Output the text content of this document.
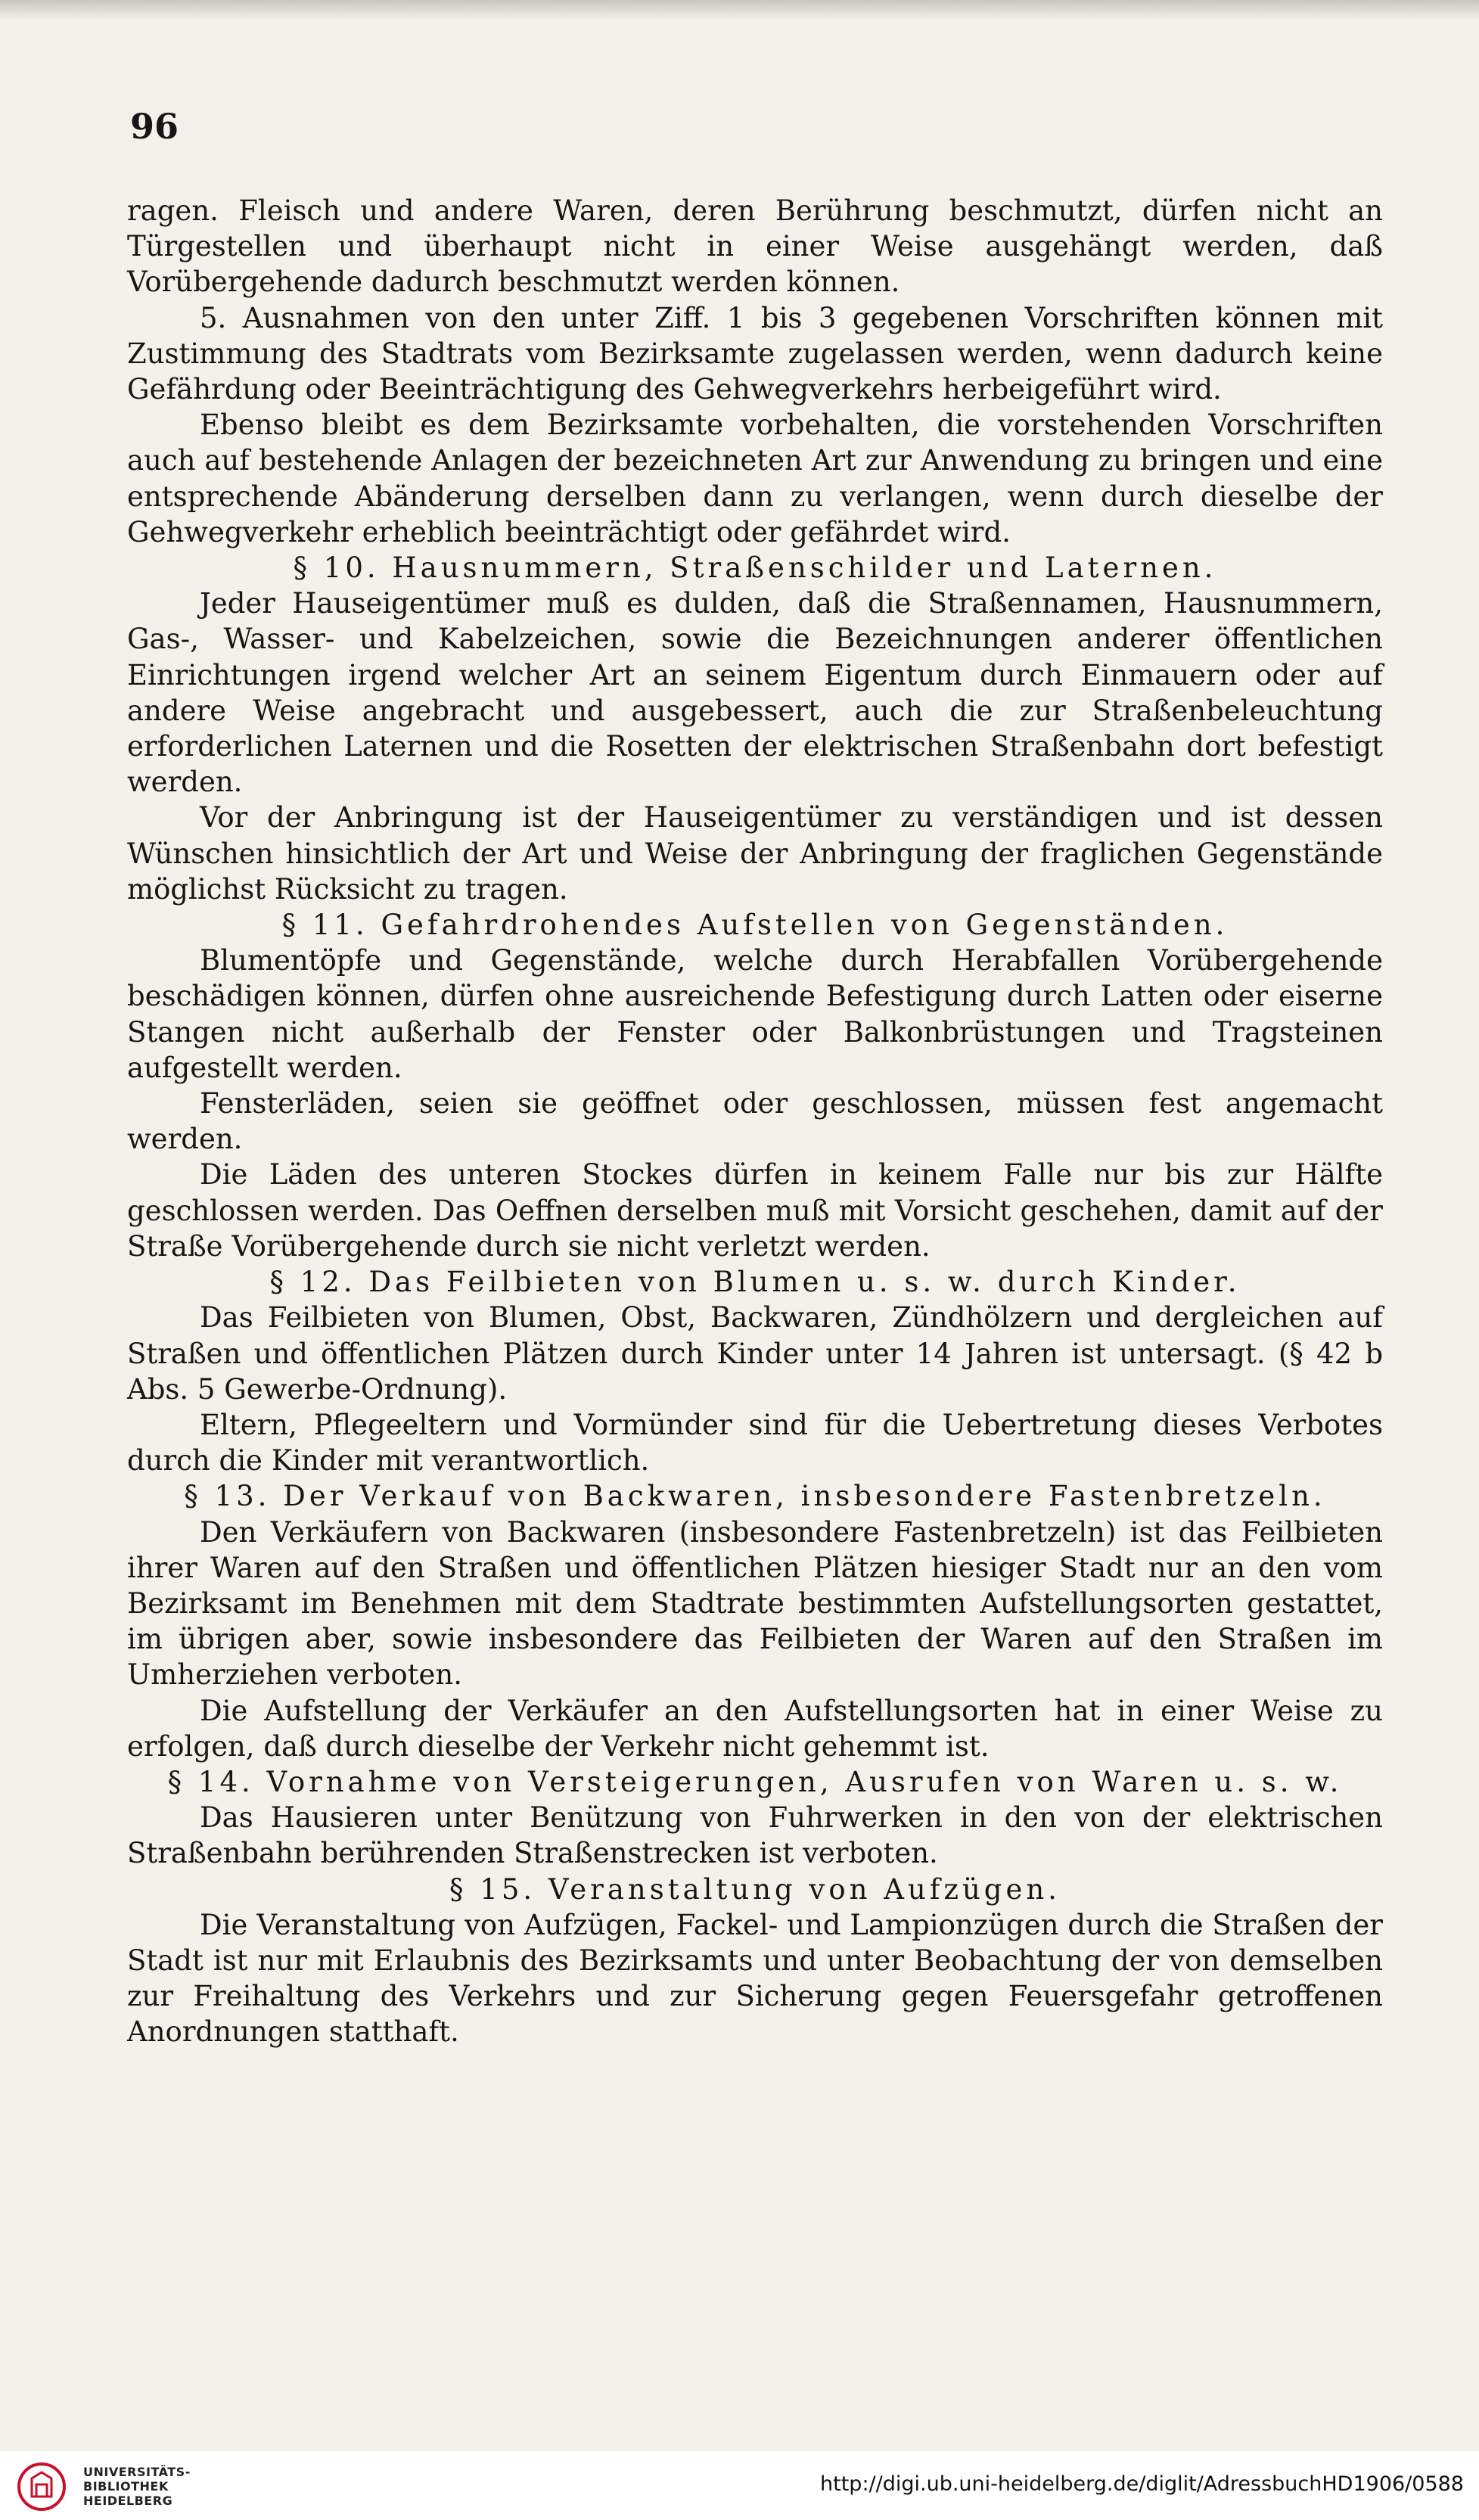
96

ragen. Fleisch und andere Waren, deren Berührung beschmutzt, dürfen nicht an Türgestellen und überhaupt nicht in einer Weise ausgehängt werden, daß Vorübergehende dadurch beschmutzt werden können.

5. Ausnahmen von den unter Ziff. 1 bis 3 gegebenen Vorschriften können mit Zustimmung des Stadtrats vom Bezirksamte zugelassen werden, wenn dadurch keine Gefährdung oder Beeinträchtigung des Gehwegverkehrs herbeigeführt wird.

Ebenso bleibt es dem Bezirksamte vorbehalten, die vorstehenden Vorschriften auch auf bestehende Anlagen der bezeichneten Art zur Anwendung zu bringen und eine entsprechende Abänderung derselben dann zu verlangen, wenn durch dieselbe der Gehwegverkehr erheblich beeinträchtigt oder gefährdet wird.

§ 10. Hausnummern, Straßenschilder und Laternen.

Jeder Hauseigentümer muß es dulden, daß die Straßennamen, Hausnummern, Gas-, Wasser- und Kabelzeichen, sowie die Bezeichnungen anderer öffentlichen Einrichtungen irgend welcher Art an seinem Eigentum durch Einmauern oder auf andere Weise angebracht und ausgebessert, auch die zur Straßenbeleuchtung erforderlichen Laternen und die Rosetten der elektrischen Straßenbahn dort befestigt werden.

Vor der Anbringung ist der Hauseigentümer zu verständigen und ist dessen Wünschen hinsichtlich der Art und Weise der Anbringung der fraglichen Gegenstände möglichst Rücksicht zu tragen.

§ 11. Gefahrdrohendes Aufstellen von Gegenständen.

Blumentöpfe und Gegenstände, welche durch Herabfallen Vorübergehende beschädigen können, dürfen ohne ausreichende Befestigung durch Latten oder eiserne Stangen nicht außerhalb der Fenster oder Balkonbrüstungen und Tragsteinen aufgestellt werden.

Fensterläden, seien sie geöffnet oder geschlossen, müssen fest angemacht werden.

Die Läden des unteren Stockes dürfen in keinem Falle nur bis zur Hälfte geschlossen werden. Das Oeffnen derselben muß mit Vorsicht geschehen, damit auf der Straße Vorübergehende durch sie nicht verletzt werden.

§ 12. Das Feilbieten von Blumen u. s. w. durch Kinder.

Das Feilbieten von Blumen, Obst, Backwaren, Zündhölzern und dergleichen auf Straßen und öffentlichen Plätzen durch Kinder unter 14 Jahren ist untersagt. (§ 42 b Abs. 5 Gewerbe-Ordnung).

Eltern, Pflegeeltern und Vormünder sind für die Uebertretung dieses Verbotes durch die Kinder mit verantwortlich.

§ 13. Der Verkauf von Backwaren, insbesondere Fastenbretzeln.

Den Verkäufern von Backwaren (insbesondere Fastenbretzeln) ist das Feilbieten ihrer Waren auf den Straßen und öffentlichen Plätzen hiesiger Stadt nur an den vom Bezirksamt im Benehmen mit dem Stadtrate bestimmten Aufstellungsorten gestattet, im übrigen aber, sowie insbesondere das Feilbieten der Waren auf den Straßen im Umherziehen verboten.

Die Aufstellung der Verkäufer an den Aufstellungsorten hat in einer Weise zu erfolgen, daß durch dieselbe der Verkehr nicht gehemmt ist.

§ 14. Vornahme von Versteigerungen, Ausrufen von Waren u. s. w.

Das Hausieren unter Benützung von Fuhrwerken in den von der elektrischen Straßenbahn berührenden Straßenstrecken ist verboten.

§ 15. Veranstaltung von Aufzügen.

Die Veranstaltung von Aufzügen, Fackel- und Lampionzügen durch die Straßen der Stadt ist nur mit Erlaubnis des Bezirksamts und unter Beobachtung der von demselben zur Freihaltung des Verkehrs und zur Sicherung gegen Feuersgefahr getroffenen Anordnungen statthaft.

UNIVERSITÄTS-
BIBLIOTHEK
HEIDELBERG
http://digi.ub.uni-heidelberg.de/diglit/AdressbuchHD1906/0588
